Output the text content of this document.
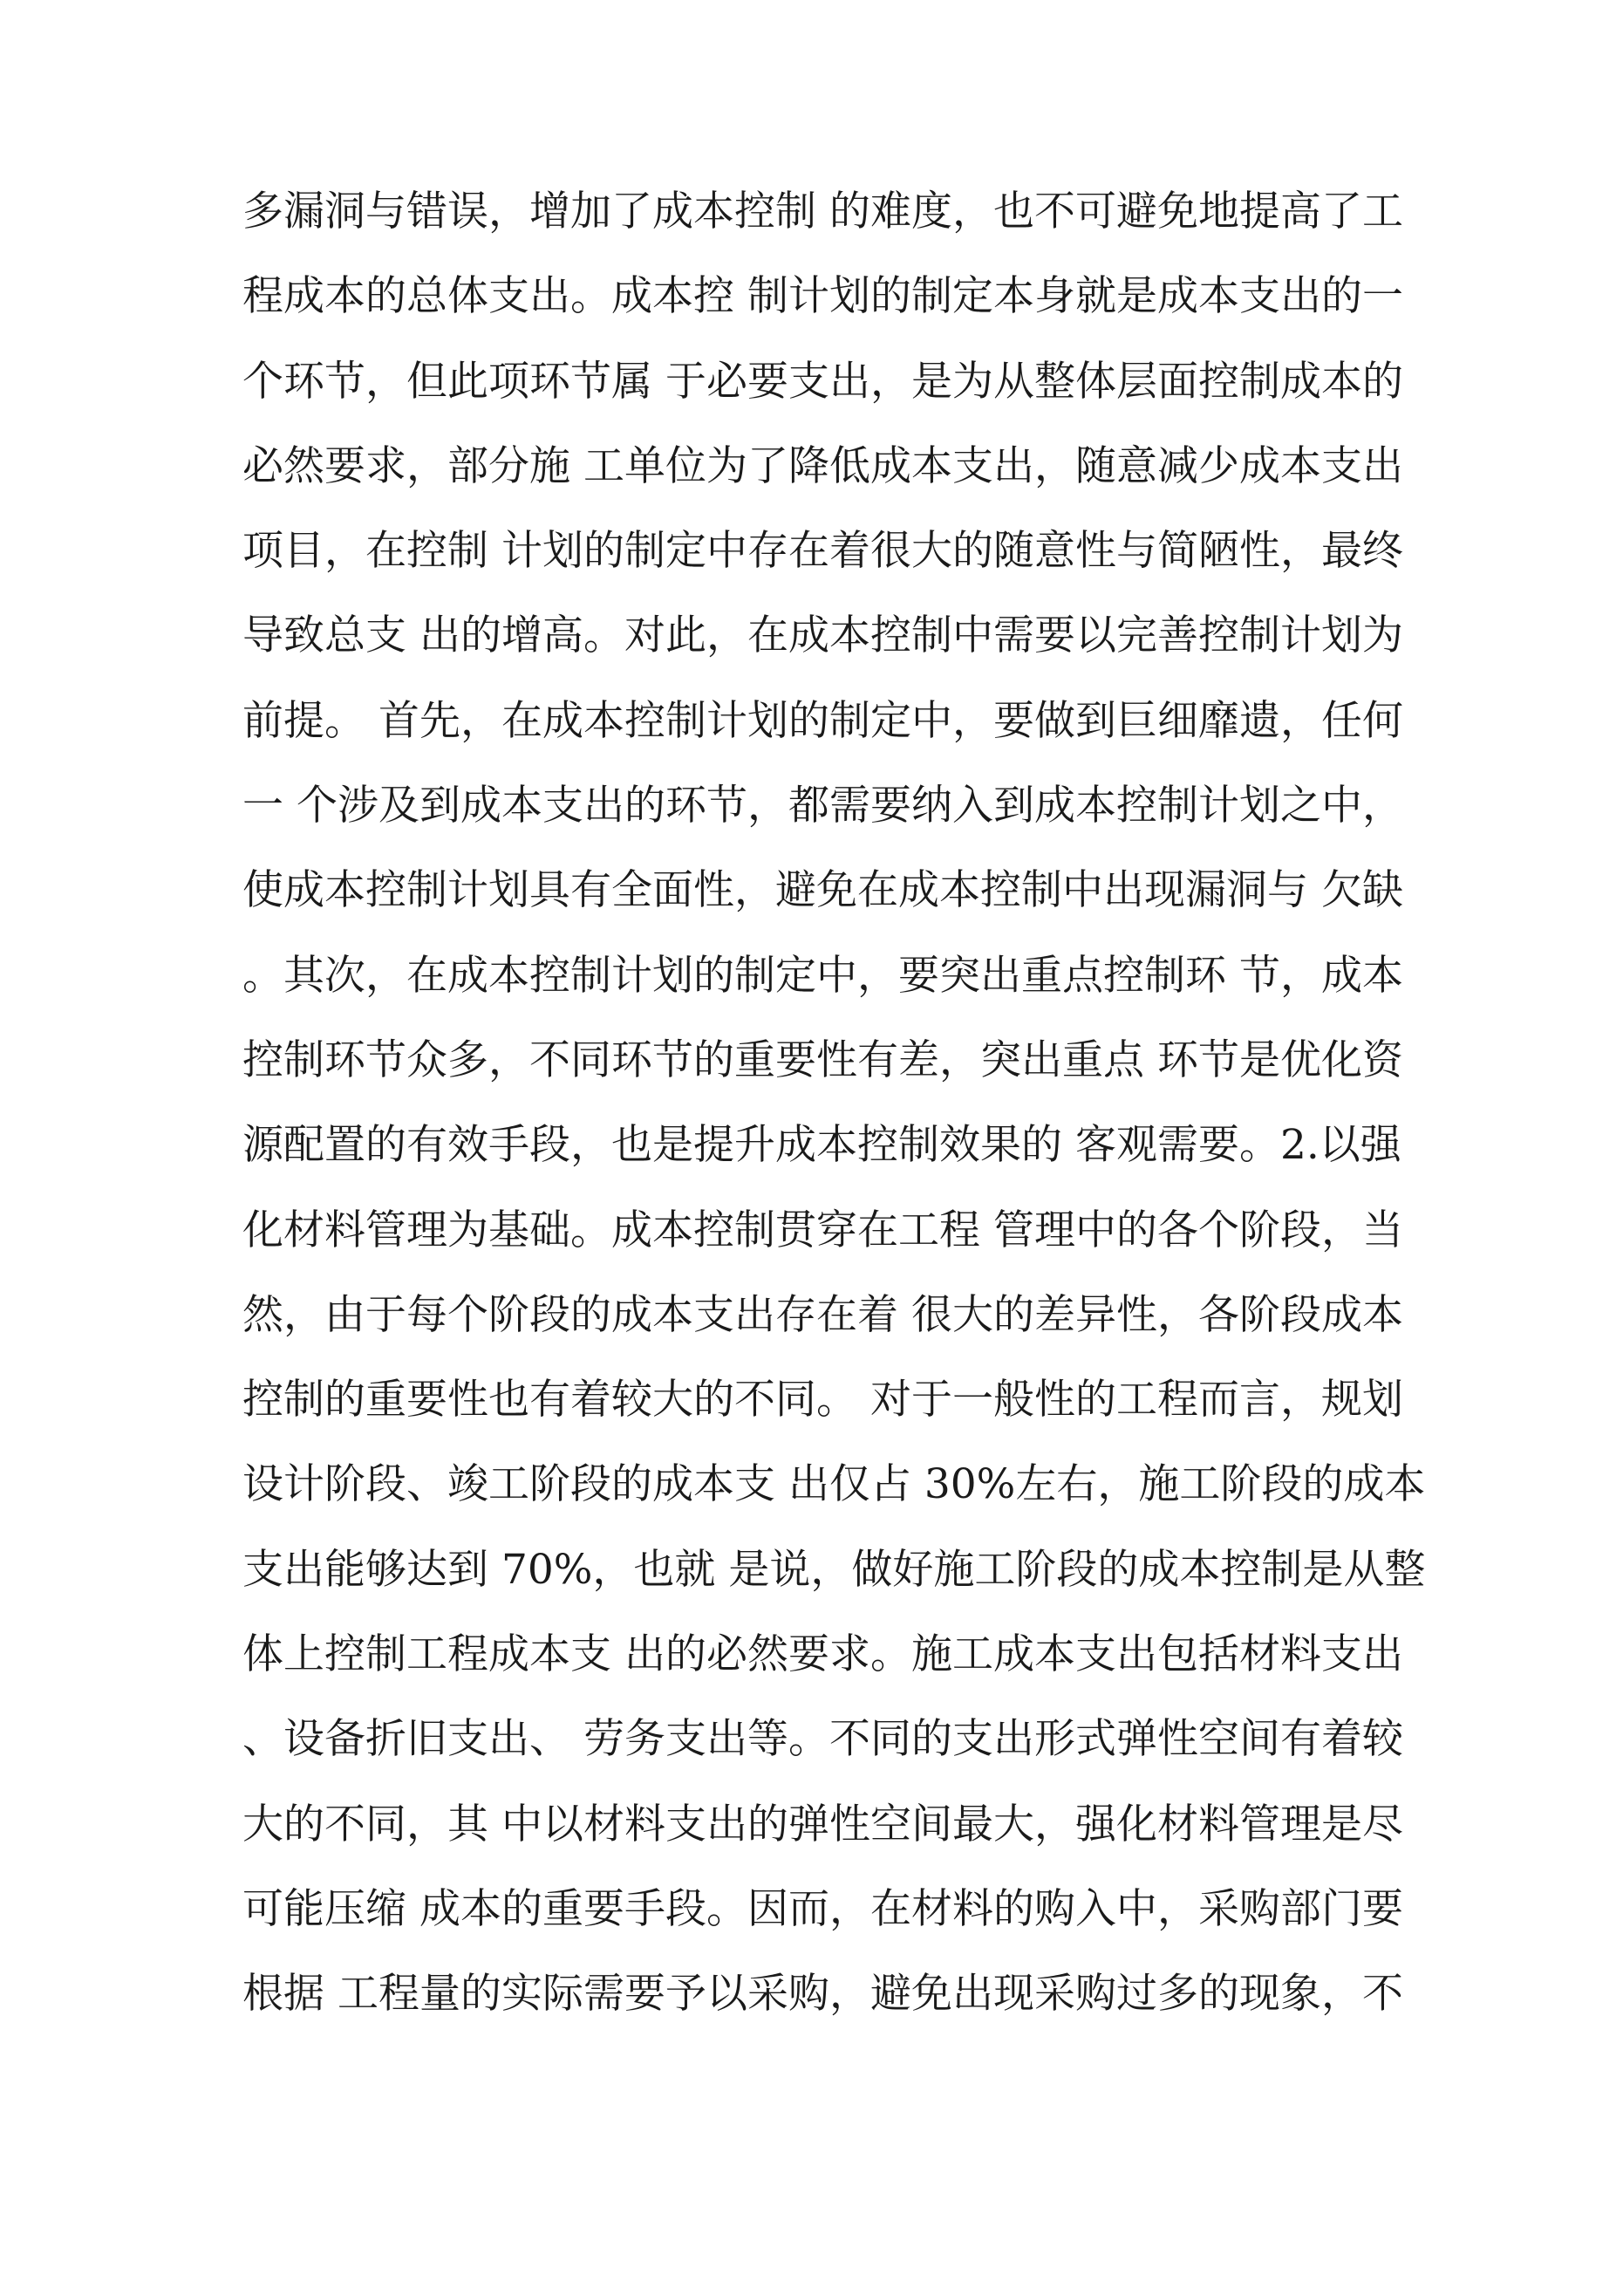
多漏洞与错误，增加了成本控制 的难度，也不可避免地提高了工
程成本的总体支出。成本控 制计划的制定本身就是成本支出的一
个环节，但此项环节属 于必要支出，是为从整体层面控制成本的
必然要求，部分施 工单位为了降低成本支出，随意减少成本支出
项目，在控制 计划的制定中存在着很大的随意性与简陋性，最终
导致总支 出的增高。对此，在成本控制中需要以完善控制计划为
前提。 首先，在成本控制计划的制定中，要做到巨细靡遗，任何
一 个涉及到成本支出的环节，都需要纳入到成本控制计划之中，
使成本控制计划具有全面性，避免在成本控制中出现漏洞与 欠缺
。其次，在成本控制计划的制定中，要突出重点控制环 节，成本
控制环节众多，不同环节的重要性有差，突出重点 环节是优化资
源配置的有效手段，也是提升成本控制效果的 客观需要。2.以强
化材料管理为基础。成本控制贯穿在工程 管理中的各个阶段，当
然，由于每个阶段的成本支出存在着 很大的差异性，各阶段成本
控制的重要性也有着较大的不同。 对于一般性的工程而言，规划
设计阶段、竣工阶段的成本支 出仅占 30%左右，施工阶段的成本
支出能够达到 70%，也就 是说，做好施工阶段的成本控制是从整
体上控制工程成本支 出的必然要求。施工成本支出包括材料支出
、设备折旧支出、 劳务支出等。不同的支出形式弹性空间有着较
大的不同，其 中以材料支出的弹性空间最大，强化材料管理是尽
可能压缩 成本的重要手段。因而，在材料的购入中，采购部门要
根据 工程量的实际需要予以采购，避免出现采购过多的现象，不
